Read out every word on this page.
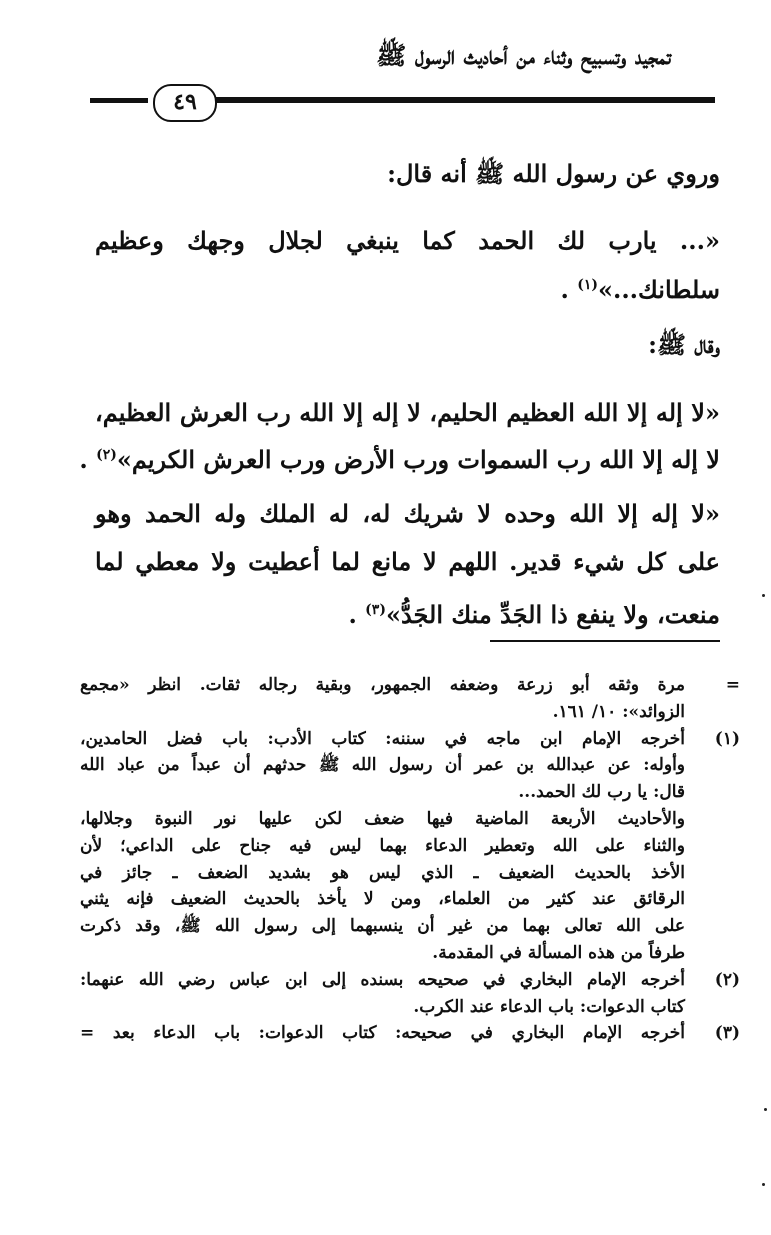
تمجيد وتسبيح وثناء من أحاديث الرسول ﷺ
٤٩
وروي عن رسول الله ﷺ أنه قال:
«... يارب لك الحمد كما ينبغي لجلال وجهك وعظيم
سلطانك...»$^{(١)}$ .
وقال ﷺ:
«لا إله إلا الله العظيم الحليم، لا إله إلا الله رب العرش العظيم،
لا إله إلا الله رب السموات ورب الأرض ورب العرش الكريم»$^{(٢)}$ .
«لا إله إلا الله وحده لا شريك له، له الملك وله الحمد وهو
على كل شيء قدير. اللهم لا مانع لما أعطيت ولا معطي لما
منعت، ولا ينفع ذا الجَدِّ منك الجَدُّ»$^{(٣)}$ .
=
مرة وثقه أبو زرعة وضعفه الجمهور، وبقية رجاله ثقات. انظر «مجمع
الزوائد»: ١٠/ ١٦١.
(١)
أخرجه الإمام ابن ماجه في سننه: كتاب الأدب: باب فضل الحامدين،
وأوله: عن عبدالله بن عمر أن رسول الله ﷺ حدثهم أن عبداً من عباد الله
قال: يا رب لك الحمد...
والأحاديث الأربعة الماضية فيها ضعف لكن عليها نور النبوة وجلالها،
والثناء على الله وتعطير الدعاء بهما ليس فيه جناح على الداعي؛ لأن
الأخذ بالحديث الضعيف ـ الذي ليس هو بشديد الضعف ـ جائز في
الرقائق عند كثير من العلماء، ومن لا يأخذ بالحديث الضعيف فإنه يثني
على الله تعالى بهما من غير أن ينسبهما إلى رسول الله ﷺ، وقد ذكرت
طرفاً من هذه المسألة في المقدمة.
(٢)
أخرجه الإمام البخاري في صحيحه بسنده إلى ابن عباس رضي الله عنهما:
كتاب الدعوات: باب الدعاء عند الكرب.
(٣)
أخرجه الإمام البخاري في صحيحه: كتاب الدعوات: باب الدعاء بعد =
